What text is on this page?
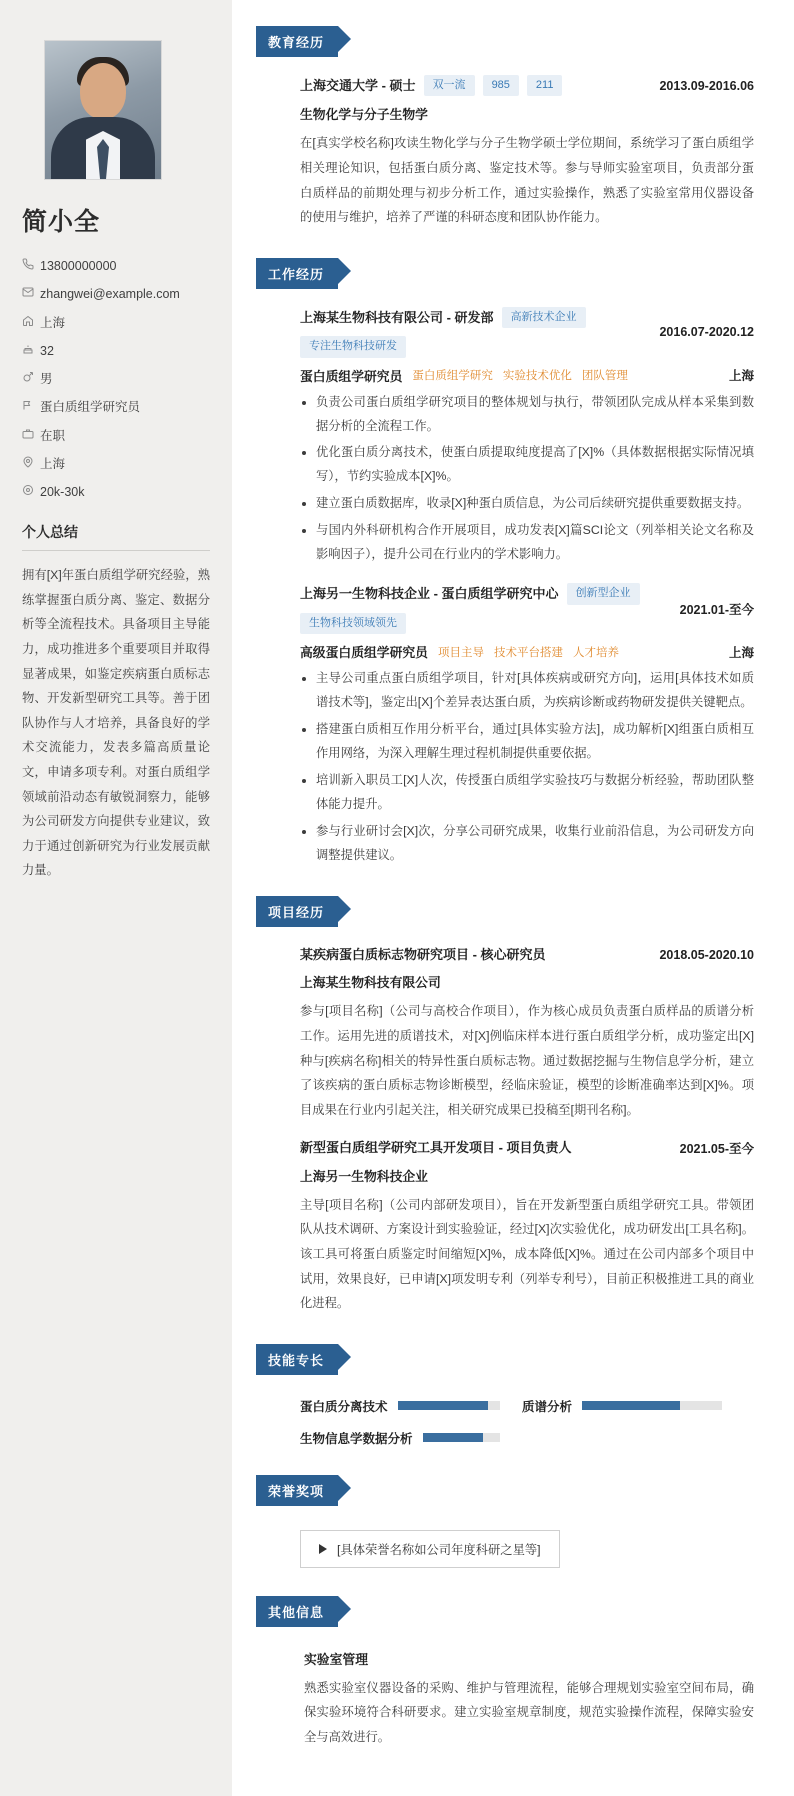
简小全
13800000000
zhangwei@example.com
上海
32
男
蛋白质组学研究员
在职
上海
20k-30k
个人总结
拥有[X]年蛋白质组学研究经验，熟练掌握蛋白质分离、鉴定、数据分析等全流程技术。具备项目主导能力，成功推进多个重要项目并取得显著成果，如鉴定疾病蛋白质标志物、开发新型研究工具等。善于团队协作与人才培养，具备良好的学术交流能力，发表多篇高质量论文，申请多项专利。对蛋白质组学领域前沿动态有敏锐洞察力，能够为公司研发方向提供专业建议，致力于通过创新研究为行业发展贡献力量。
教育经历
上海交通大学 - 硕士	双一流	985	211	2013.09-2016.06
生物化学与分子生物学
在[真实学校名称]攻读生物化学与分子生物学硕士学位期间，系统学习了蛋白质组学相关理论知识，包括蛋白质分离、鉴定技术等。参与导师实验室项目，负责部分蛋白质样品的前期处理与初步分析工作，通过实验操作，熟悉了实验室常用仪器设备的使用与维护，培养了严谨的科研态度和团队协作能力。
工作经历
上海某生物科技有限公司 - 研发部	高新技术企业
专注生物科技研发
2016.07-2020.12
蛋白质组学研究员 蛋白质组学研究 实验技术优化 团队管理	上海
• 负责公司蛋白质组学研究项目的整体规划与执行，带领团队完成从样本采集到数据分析的全流程工作。
• 优化蛋白质分离技术，使蛋白质提取纯度提高了[X]%（具体数据根据实际情况填写），节约实验成本[X]%。
• 建立蛋白质数据库，收录[X]种蛋白质信息，为公司后续研究提供重要数据支持。
• 与国内外科研机构合作开展项目，成功发表[X]篇SCI论文（列举相关论文名称及影响因子），提升公司在行业内的学术影响力。
上海另一生物科技企业 - 蛋白质组学研究中心	创新型企业
生物科技领域领先
2021.01-至今
高级蛋白质组学研究员 项目主导 技术平台搭建 人才培养	上海
• 主导公司重点蛋白质组学项目，针对[具体疾病或研究方向]，运用[具体技术如质谱技术等]，鉴定出[X]个差异表达蛋白质，为疾病诊断或药物研发提供关键靶点。
• 搭建蛋白质相互作用分析平台，通过[具体实验方法]，成功解析[X]组蛋白质相互作用网络，为深入理解生理过程机制提供重要依据。
• 培训新入职员工[X]人次，传授蛋白质组学实验技巧与数据分析经验，帮助团队整体能力提升。
• 参与行业研讨会[X]次，分享公司研究成果，收集行业前沿信息，为公司研发方向调整提供建议。
项目经历
某疾病蛋白质标志物研究项目 - 核心研究员	2018.05-2020.10
上海某生物科技有限公司
参与[项目名称]（公司与高校合作项目），作为核心成员负责蛋白质样品的质谱分析工作。运用先进的质谱技术，对[X]例临床样本进行蛋白质组学分析，成功鉴定出[X]种与[疾病名称]相关的特异性蛋白质标志物。通过数据挖掘与生物信息学分析，建立了该疾病的蛋白质标志物诊断模型，经临床验证，模型的诊断准确率达到[X]%。项目成果在行业内引起关注，相关研究成果已投稿至[期刊名称]。
新型蛋白质组学研究工具开发项目 - 项目负责人	2021.05-至今
上海另一生物科技企业
主导[项目名称]（公司内部研发项目），旨在开发新型蛋白质组学研究工具。带领团队从技术调研、方案设计到实验验证，经过[X]次实验优化，成功研发出[工具名称]。该工具可将蛋白质鉴定时间缩短[X]%，成本降低[X]%。通过在公司内部多个项目中试用，效果良好，已申请[X]项发明专利（列举专利号），目前正积极推进工具的商业化进程。
技能专长
蛋白质分离技术	质谱分析
生物信息学数据分析
荣誉奖项
[具体荣誉名称如公司年度科研之星等]
其他信息
实验室管理
熟悉实验室仪器设备的采购、维护与管理流程，能够合理规划实验室空间布局，确保实验环境符合科研要求。建立实验室规章制度，规范实验操作流程，保障实验安全与高效进行。
